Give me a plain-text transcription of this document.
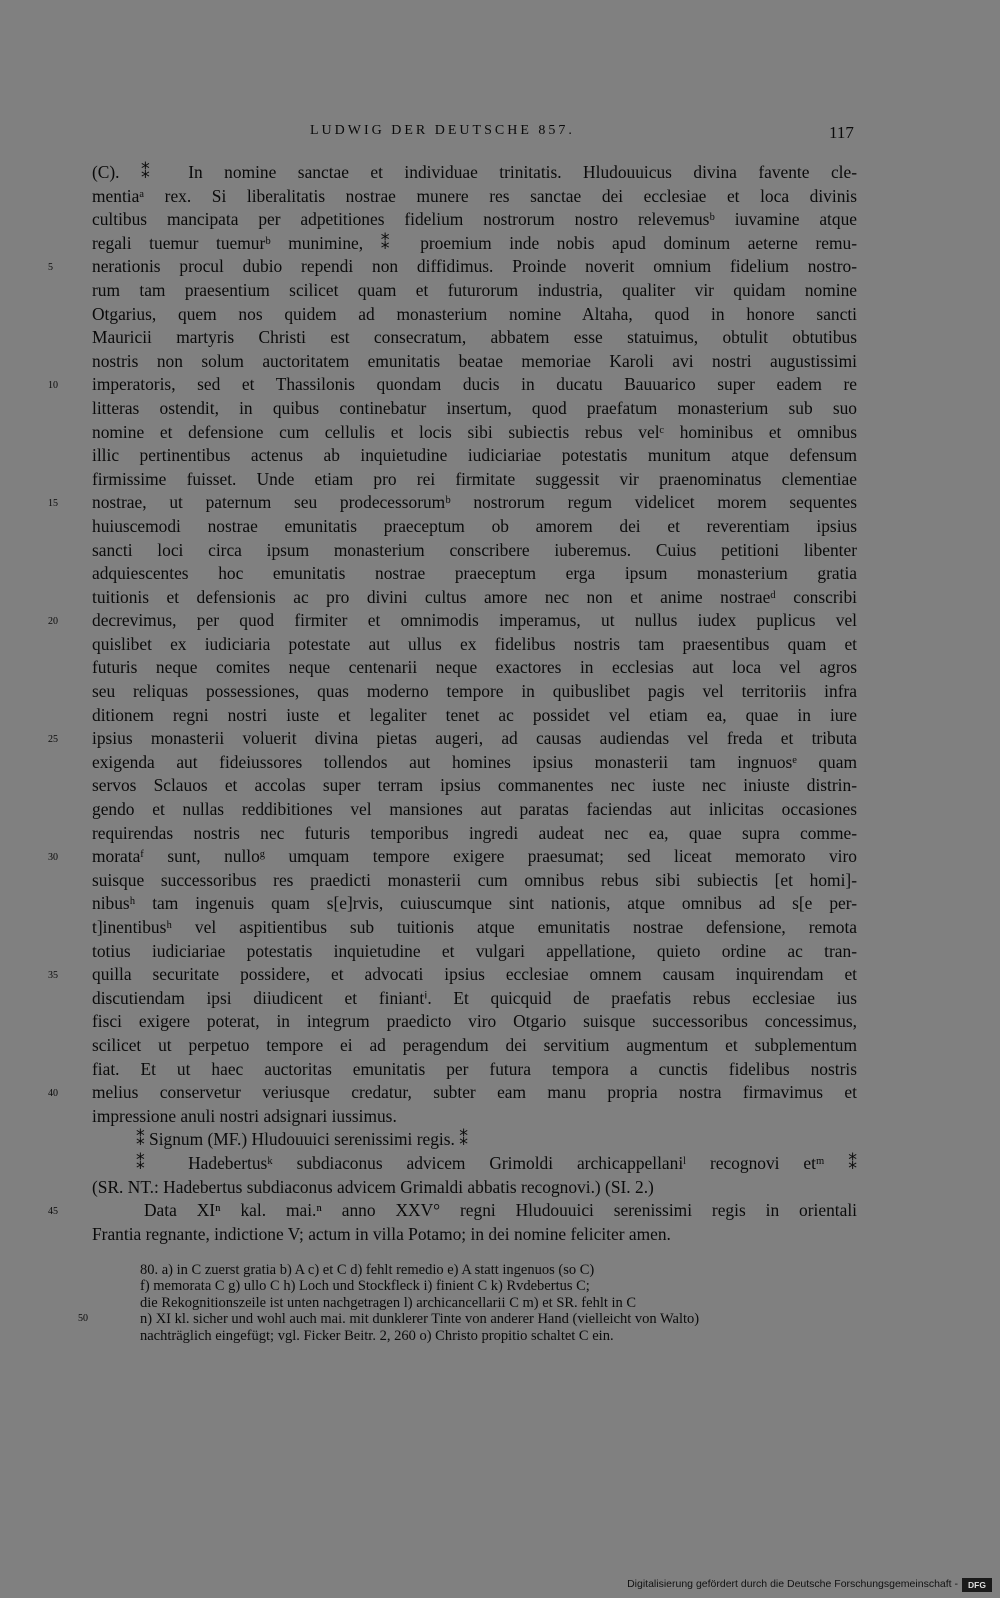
LUDWIG DER DEUTSCHE 857.	117
(C). ⁑ In nomine sanctae et individuae trinitatis. Hludouuicus divina favente cle-
mentiaᵃ rex. Si liberalitatis nostrae munere res sanctae dei ecclesiae et loca divinis
cultibus mancipata per adpetitiones fidelium nostrorum nostro relevemusᵇ iuvamine atque
regali tuemur tuemurᵇ munimine, ⁑ proemium inde nobis apud dominum aeterne remu-
5 nerationis procul dubio rependi non diffidimus. Proinde noverit omnium fidelium nostro-
rum tam praesentium scilicet quam et futurorum industria, qualiter vir quidam nomine
Otgarius, quem nos quidem ad monasterium nomine Altaha, quod in honore sancti
Mauricii martyris Christi est consecratum, abbatem esse statuimus, obtulit obtutibus
nostris non solum auctoritatem emunitatis beatae memoriae Karoli avi nostri augustissimi
10 imperatoris, sed et Thassilonis quondam ducis in ducatu Bauuarico super eadem re
litteras ostendit, in quibus continebatur insertum, quod praefatum monasterium sub suo
nomine et defensione cum cellulis et locis sibi subiectis rebus velᶜ hominibus et omnibus
illic pertinentibus actenus ab inquietudine iudiciariae potestatis munitum atque defensum
firmissime fuisset. Unde etiam pro rei firmitate suggessit vir praenominatus clementiae
15 nostrae, ut paternum seu prodecessorumᵇ nostrorum regum videlicet morem sequentes
huiuscemodi nostrae emunitatis praeceptum ob amorem dei et reverentiam ipsius
sancti loci circa ipsum monasterium conscribere iuberemus. Cuius petitioni libenter
adquiescentes hoc emunitatis nostrae praeceptum erga ipsum monasterium gratia
tuitionis et defensionis ac pro divini cultus amore nec non et anime nostraeᵈ conscribi
20 decrevimus, per quod firmiter et omnimodis imperamus, ut nullus iudex puplicus vel
quislibet ex iudiciaria potestate aut ullus ex fidelibus nostris tam praesentibus quam et
futuris neque comites neque centenarii neque exactores in ecclesias aut loca vel agros
seu reliquas possessiones, quas moderno tempore in quibuslibet pagis vel territoriis infra
ditionem regni nostri iuste et legaliter tenet ac possidet vel etiam ea, quae in iure
25 ipsius monasterii voluerit divina pietas augeri, ad causas audiendas vel freda et tributa
exigenda aut fideiussores tollendos aut homines ipsius monasterii tam ingnuosᵉ quam
servos Sclauos et accolas super terram ipsius commanentes nec iuste nec iniuste distrin-
gendo et nullas reddibitiones vel mansiones aut paratas faciendas aut inlicitas occasiones
requirendas nostris nec futuris temporibus ingredi audeat nec ea, quae supra comme-
30 morataᶠ sunt, nulloᵍ umquam tempore exigere praesumat; sed liceat memorato viro
suisque successoribus res praedicti monasterii cum omnibus rebus sibi subiectis [et homi]-
nibusʰ tam ingenuis quam s[e]rvis, cuiuscumque sint nationis, atque omnibus ad s[e per-
t]inentibusʰ vel aspitientibus sub tuitionis atque emunitatis nostrae defensione, remota
totius iudiciariae potestatis inquietudine et vulgari appellatione, quieto ordine ac tran-
35 quilla securitate possidere, et advocati ipsius ecclesiae omnem causam inquirendam et
discutiendam ipsi diiudicent et finiantⁱ. Et quicquid de praefatis rebus ecclesiae ius
fisci exigere poterat, in integrum praedicto viro Otgario suisque successoribus concessimus,
scilicet ut perpetuo tempore ei ad peragendum dei servitium augmentum et subplementum
fiat. Et ut haec auctoritas emunitatis per futura tempora a cunctis fidelibus nostris
40 melius conservetur veriusque credatur, subter eam manu propria nostra firmavimus et
impressione anuli nostri adsignari iussimus.
⁑ Signum (MF.) Hludouuici serenissimi regis. ⁑
⁑ Hadebertusᵏ subdiaconus advicem Grimoldi archicappellaniˡ recognovi etᵐ ⁑
(SR. NT.: Hadebertus subdiaconus advicem Grimaldi abbatis recognovi.) (SI. 2.)
45	Data XIⁿ kal. mai.ⁿ anno XXV° regni Hludouuici serenissimi regis in orientali
Frantia regnante, indictione V; actum in villa Potamo; in dei nomine feliciter amen.
80. a) in C zuerst gratia b) A c) et C d) fehlt remedio e) A statt ingenuos (so C)
f) memorata C g) ullo C h) Loch und Stockfleck i) finient C k) Rvdebertus C;
die Rekognitionszeile ist unten nachgetragen l) archicancellarii C m) et SR. fehlt in C
50	n) XI kl. sicher und wohl auch mai. mit dunklerer Tinte von anderer Hand (vielleicht von Walto)
nachträglich eingefügt; vgl. Ficker Beitr. 2, 260 o) Christo propitio schaltet C ein.
Digitalisierung gefördert durch die Deutsche Forschungsgemeinschaft -	DFG
